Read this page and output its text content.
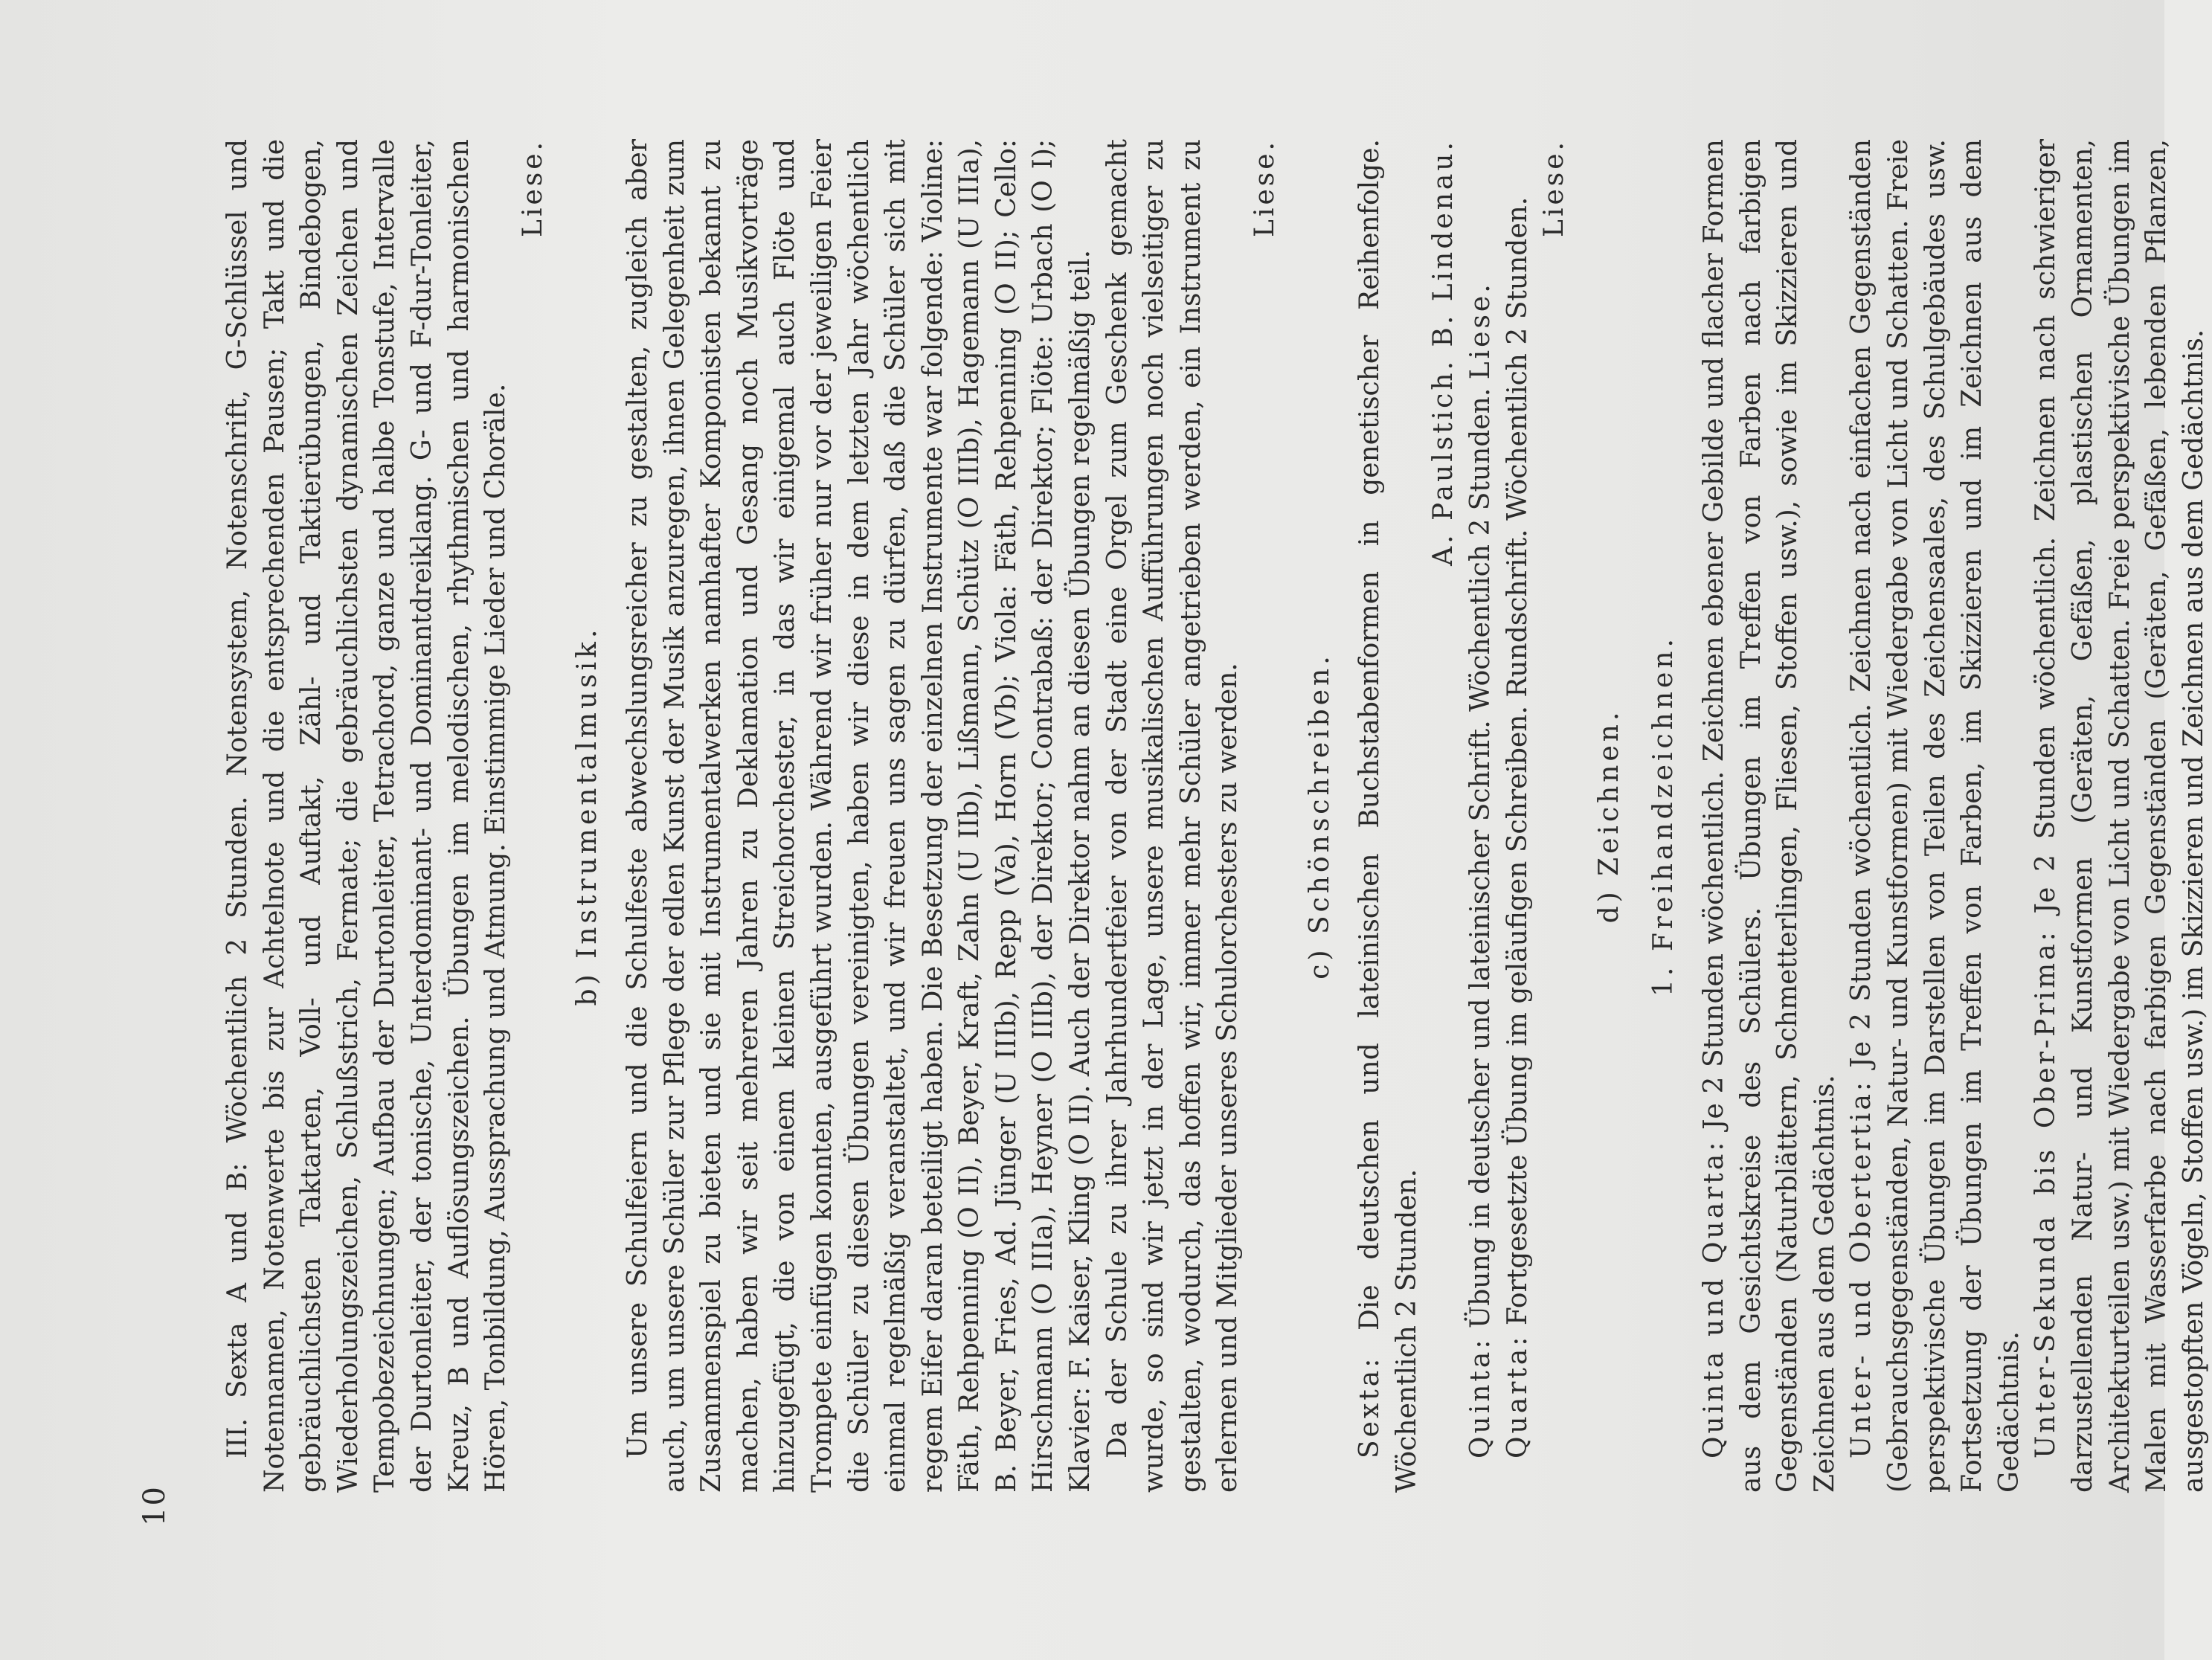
10

III. Sexta A und B: Wöchentlich 2 Stunden. Notensystem, Notenschrift, G-Schlüssel und Notennamen, Notenwerte bis zur Achtelnote und die entsprechenden Pausen; Takt und die gebräuchlichsten Taktarten, Voll- und Auftakt, Zähl- und Taktierübungen, Bindebogen, Wiederholungszeichen, Schlußstrich, Fermate; die gebräuchlichsten dynamischen Zeichen und Tempobezeichnungen; Aufbau der Durtonleiter, Tetrachord, ganze und halbe Tonstufe, Intervalle der Durtonleiter, der tonische, Unterdominant- und Dominantdreiklang. G- und F-dur-Tonleiter, Kreuz, B und Auflösungszeichen. Übungen im melodischen, rhythmischen und harmonischen Hören, Tonbildung, Aussprachung und Atmung. Einstimmige Lieder und Choräle.

Liese.
b) Instrumentalmusik. Um unsere Schulfeiern und die Schulfeste abwechslungsreicher zu gestalten, zugleich aber auch, um unsere Schüler zur Pflege der edlen Kunst der Musik anzuregen, ihnen Gelegenheit zum Zusammenspiel zu bieten und sie mit Instrumentalwerken namhafter Komponisten bekannt zu machen, haben wir seit mehreren Jahren zu Deklamation und Gesang noch Musikvorträge hinzugefügt, die von einem kleinen Streichorchester, in das wir einigemal auch Flöte und Trompete einfügen konnten, ausgeführt wurden. Während wir früher nur vor der jeweiligen Feier die Schüler zu diesen Übungen vereinigten, haben wir diese in dem letzten Jahr wöchentlich einmal regelmäßig veranstaltet, und wir freuen uns sagen zu dürfen, daß die Schüler sich mit regem Eifer daran beteiligt haben. Die Besetzung der einzelnen Instrumente war folgende: Violine: Fäth, Rehpenning (O II), Beyer, Kraft, Zahn (U IIb), Lißmann, Schütz (O IIIb), Hagemann (U IIIa), B. Beyer, Fries, Ad. Jünger (U IIIb), Repp (Va), Horn (Vb); Viola: Fäth, Rehpenning (O II); Cello: Hirschmann (O IIIa), Heyner (O IIIb), der Direktor; Contrabaß: der Direktor; Flöte: Urbach (O I); Klavier: F. Kaiser, Kling (O II). Auch der Direktor nahm an diesen Übungen regelmäßig teil. Da der Schule zu ihrer Jahrhundertfeier von der Stadt eine Orgel zum Geschenk gemacht wurde, so sind wir jetzt in der Lage, unsere musikalischen Aufführungen noch vielseitiger zu gestalten, wodurch, das hoffen wir, immer mehr Schüler angetrieben werden, ein Instrument zu erlernen und Mitglieder unseres Schulorchesters zu werden.

Liese.
c) Schönschreiben.

Sexta: Die deutschen und lateinischen Buchstabenformen in genetischer Reihenfolge. Wöchentlich 2 Stunden.

A. Paulstich. B. Lindenau.

Quinta: Übung in deutscher und lateinischer Schrift. Wöchentlich 2 Stunden. Liese.

Quarta: Fortgesetzte Übung im geläufigen Schreiben. Rundschrift. Wöchentlich 2 Stunden.

Liese.
d) Zeichnen. 1. Freihandzeichnen.

Quinta und Quarta: Je 2 Stunden wöchentlich. Zeichnen ebener Gebilde und flacher Formen aus dem Gesichtskreise des Schülers. Übungen im Treffen von Farben nach farbigen Gegenständen (Naturblättern, Schmetterlingen, Fliesen, Stoffen usw.), sowie im Skizzieren und Zeichnen aus dem Gedächtnis. Unter- und Obertertia: Je 2 Stunden wöchentlich. Zeichnen nach einfachen Gegenständen (Gebrauchsgegenständen, Natur- und Kunstformen) mit Wiedergabe von Licht und Schatten. Freie perspektivische Übungen im Darstellen von Teilen des Zeichensaales, des Schulgebäudes usw. Fortsetzung der Übungen im Treffen von Farben, im Skizzieren und im Zeichnen aus dem Gedächtnis. Unter-Sekunda bis Ober-Prima: Je 2 Stunden wöchentlich. Zeichnen nach schwieriger darzustellenden Natur- und Kunstformen (Geräten, Gefäßen, plastischen Ornamenten, Architekturteilen usw.) mit Wiedergabe von Licht und Schatten. Freie perspektivische Übungen im Malen mit Wasserfarbe nach farbigen Gegenständen (Geräten, Gefäßen, lebenden Pflanzen, ausgestopften Vögeln, Stoffen usw.) im Skizzieren und Zeichnen aus dem Gedächtnis.
